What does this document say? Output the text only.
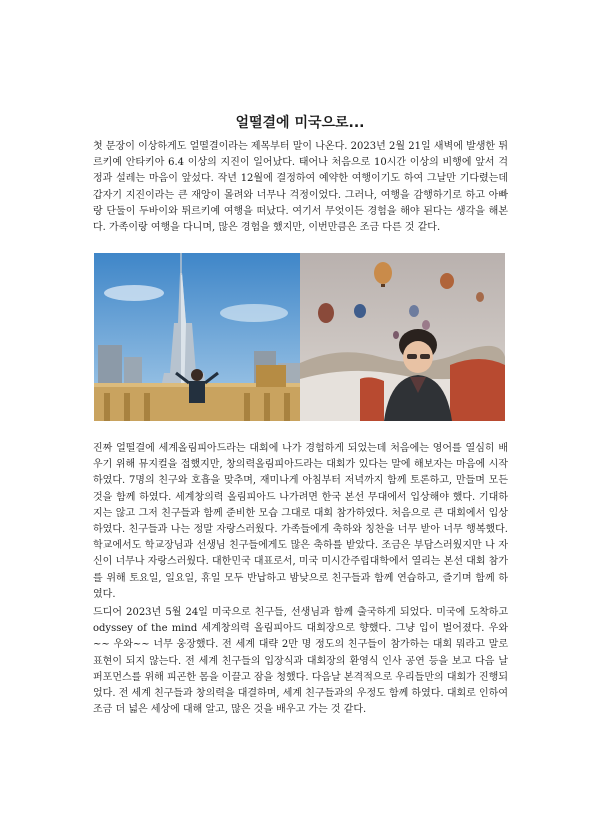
얼떨결에 미국으로...

첫 문장이 이상하게도 얼떨결이라는 제목부터 말이 나온다. 2023년 2월 21일 새벽에 발생한 튀르키예 안타키아 6.4 이상의 지진이 일어났다. 태어나 처음으로 10시간 이상의 비행에 앞서 걱정과 설레는 마음이 앞섰다. 작년 12월에 결정하여 예약한 여행이기도 하여 그날만 기다렸는데 갑자기 지진이라는 큰 재앙이 몰려와 너무나 걱정이었다. 그러나, 여행을 감행하기로 하고 아빠랑 단둘이 두바이와 튀르키예 여행을 떠났다. 여기서 무엇이든 경험을 해야 된다는 생각을 해본다. 가족이랑 여행을 다니며, 많은 경험을 했지만, 이번만큼은 조금 다른 것 같다.

진짜 얼떨결에 세계올림피아드라는 대회에 나가 경험하게 되었는데 처음에는 영어를 열심히 배우기 위해 뮤지컬을 접했지만, 창의력올림피아드라는 대회가 있다는 말에 해보자는 마음에 시작하였다. 7명의 친구와 호흡을 맞추며, 재미나게 아침부터 저녁까지 함께 토론하고, 만들며 모든 것을 함께 하였다. 세계창의력 올림피아드 나가려면 한국 본선 무대에서 입상해야 했다. 기대하지는 않고 그저 친구들과 함께 준비한 모습 그대로 대회 참가하였다. 처음으로 큰 대회에서 입상하였다. 친구들과 나는 정말 자랑스러웠다. 가족들에게 축하와 칭찬을 너무 받아 너무 행복했다. 학교에서도 학교장님과 선생님 친구들에게도 많은 축하를 받았다. 조금은 부담스러웠지만 나 자신이 너무나 자랑스러웠다. 대한민국 대표로서, 미국 미시간주립대학에서 열리는 본선 대회 참가를 위해 토요일, 일요일, 휴일 모두 반납하고 밤낮으로 친구들과 함께 연습하고, 즐기며 함께 하였다.

드디어 2023년 5월 24일 미국으로 친구들, 선생님과 함께 출국하게 되었다. 미국에 도착하고 odyssey of the mind 세계창의력 올림피아드 대회장으로 향했다. 그냥 입이 벌어졌다. 우와~~ 우와~~ 너무 웅장했다. 전 세계 대략 2만 명 정도의 친구들이 참가하는 대회 뭐라고 말로 표현이 되지 않는다. 전 세계 친구들의 입장식과 대회장의 환영식 인사 공연 등을 보고 다음 날 퍼포먼스를 위해 피곤한 몸을 이끌고 잠을 청했다. 다음날 본격적으로 우리들만의 대회가 진행되었다. 전 세계 친구들과 창의력을 대결하며, 세계 친구들과의 우정도 함께 하였다. 대회로 인하여 조금 더 넓은 세상에 대해 알고, 많은 것을 배우고 가는 것 같다.
